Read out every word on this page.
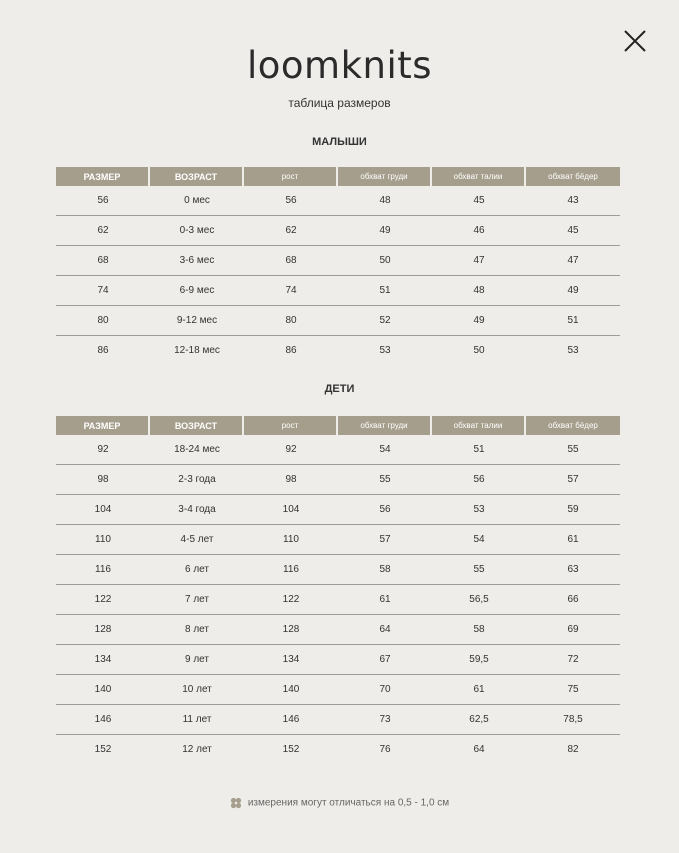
loomknits
таблица размеров
МАЛЫШИ
РАЗМЕР	ВОЗРАСТ	рост	обхват груди	обхват талии	обхват бёдер
56	0 мес	56	48	45	43
62	0-3 мес	62	49	46	45
68	3-6 мес	68	50	47	47
74	6-9 мес	74	51	48	49
80	9-12 мес	80	52	49	51
86	12-18 мес	86	53	50	53
ДЕТИ
РАЗМЕР	ВОЗРАСТ	рост	обхват груди	обхват талии	обхват бёдер
92	18-24 мес	92	54	51	55
98	2-3 года	98	55	56	57
104	3-4 года	104	56	53	59
110	4-5 лет	110	57	54	61
116	6 лет	116	58	55	63
122	7 лет	122	61	56,5	66
128	8 лет	128	64	58	69
134	9 лет	134	67	59,5	72
140	10 лет	140	70	61	75
146	11 лет	146	73	62,5	78,5
152	12 лет	152	76	64	82
измерения могут отличаться на 0,5 - 1,0 см
